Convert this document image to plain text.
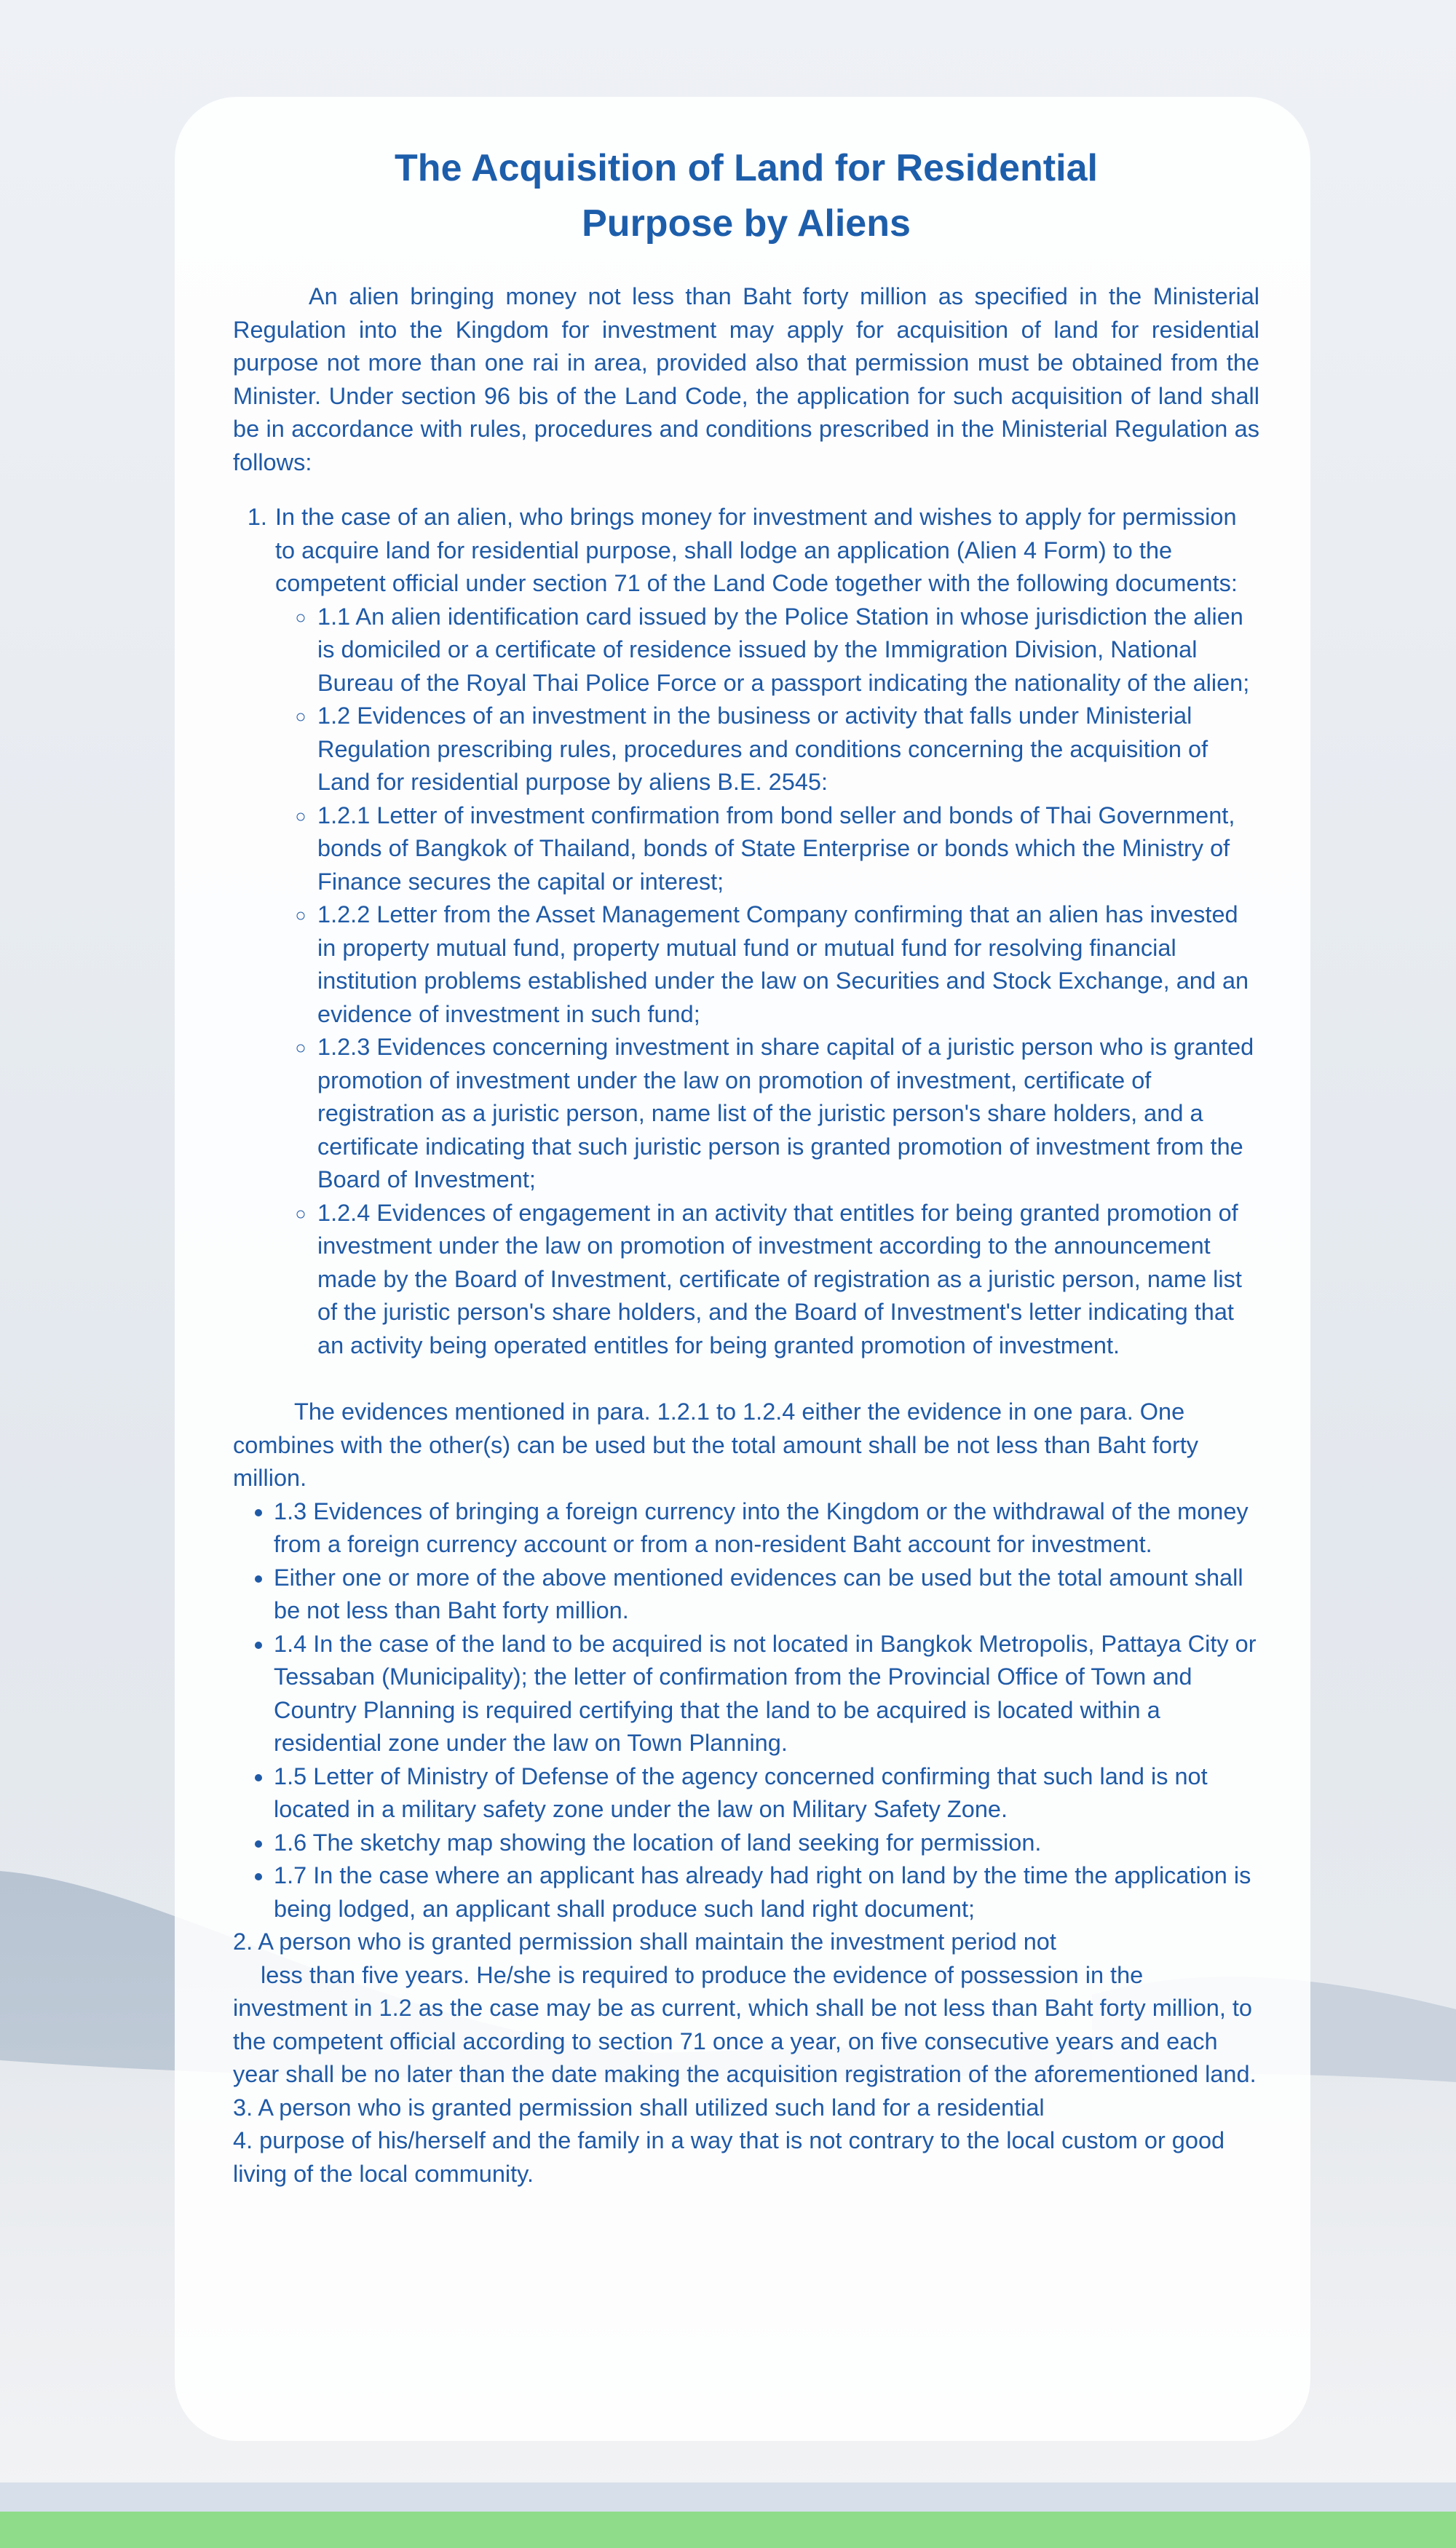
The Acquisition of Land for Residential
Purpose by Aliens

An alien bringing money not less than Baht forty million as specified in the Ministerial Regulation into the Kingdom for investment may apply for acquisition of land for residential purpose not more than one rai in area, provided also that permission must be obtained from the Minister. Under section 96 bis of the Land Code, the application for such acquisition of land shall be in accordance with rules, procedures and conditions prescribed in the Ministerial Regulation as follows:

1. In the case of an alien, who brings money for investment and wishes to apply for permission to acquire land for residential purpose, shall lodge an application (Alien 4 Form) to the competent official under section 71 of the Land Code together with the following documents:
◦ 1.1 An alien identification card issued by the Police Station in whose jurisdiction the alien is domiciled or a certificate of residence issued by the Immigration Division, National Bureau of the Royal Thai Police Force or a passport indicating the nationality of the alien;
◦ 1.2 Evidences of an investment in the business or activity that falls under Ministerial Regulation prescribing rules, procedures and conditions concerning the acquisition of Land for residential purpose by aliens B.E. 2545:
◦ 1.2.1 Letter of investment confirmation from bond seller and bonds of Thai Government, bonds of Bangkok of Thailand, bonds of State Enterprise or bonds which the Ministry of Finance secures the capital or interest;
◦ 1.2.2 Letter from the Asset Management Company confirming that an alien has invested in property mutual fund, property mutual fund or mutual fund for resolving financial institution problems established under the law on Securities and Stock Exchange, and an evidence of investment in such fund;
◦ 1.2.3 Evidences concerning investment in share capital of a juristic person who is granted promotion of investment under the law on promotion of investment, certificate of registration as a juristic person, name list of the juristic person's share holders, and a certificate indicating that such juristic person is granted promotion of investment from the Board of Investment;
◦ 1.2.4 Evidences of engagement in an activity that entitles for being granted promotion of investment under the law on promotion of investment according to the announcement made by the Board of Investment, certificate of registration as a juristic person, name list of the juristic person's share holders, and the Board of Investment's letter indicating that an activity being operated entitles for being granted promotion of investment.

The evidences mentioned in para. 1.2.1 to 1.2.4 either the evidence in one para. One combines with the other(s) can be used but the total amount shall be not less than Baht forty million.

• 1.3 Evidences of bringing a foreign currency into the Kingdom or the withdrawal of the money from a foreign currency account or from a non-resident Baht account for investment.
• Either one or more of the above mentioned evidences can be used but the total amount shall be not less than Baht forty million.
• 1.4 In the case of the land to be acquired is not located in Bangkok Metropolis, Pattaya City or Tessaban (Municipality); the letter of confirmation from the Provincial Office of Town and Country Planning is required certifying that the land to be acquired is located within a residential zone under the law on Town Planning.
• 1.5 Letter of Ministry of Defense of the agency concerned confirming that such land is not located in a military safety zone under the law on Military Safety Zone.
• 1.6 The sketchy map showing the location of land seeking for permission.
• 1.7 In the case where an applicant has already had right on land by the time the application is being lodged, an applicant shall produce such land right document;

2. A person who is granted permission shall maintain the investment period not

less than five years. He/she is required to produce the evidence of possession in the investment in 1.2 as the case may be as current, which shall be not less than Baht forty million, to the competent official according to section 71 once a year, on five consecutive years and each year shall be no later than the date making the acquisition registration of the aforementioned land.

3. A person who is granted permission shall utilized such land for a residential

4. purpose of his/herself and the family in a way that is not contrary to the local custom or good living of the local community.
